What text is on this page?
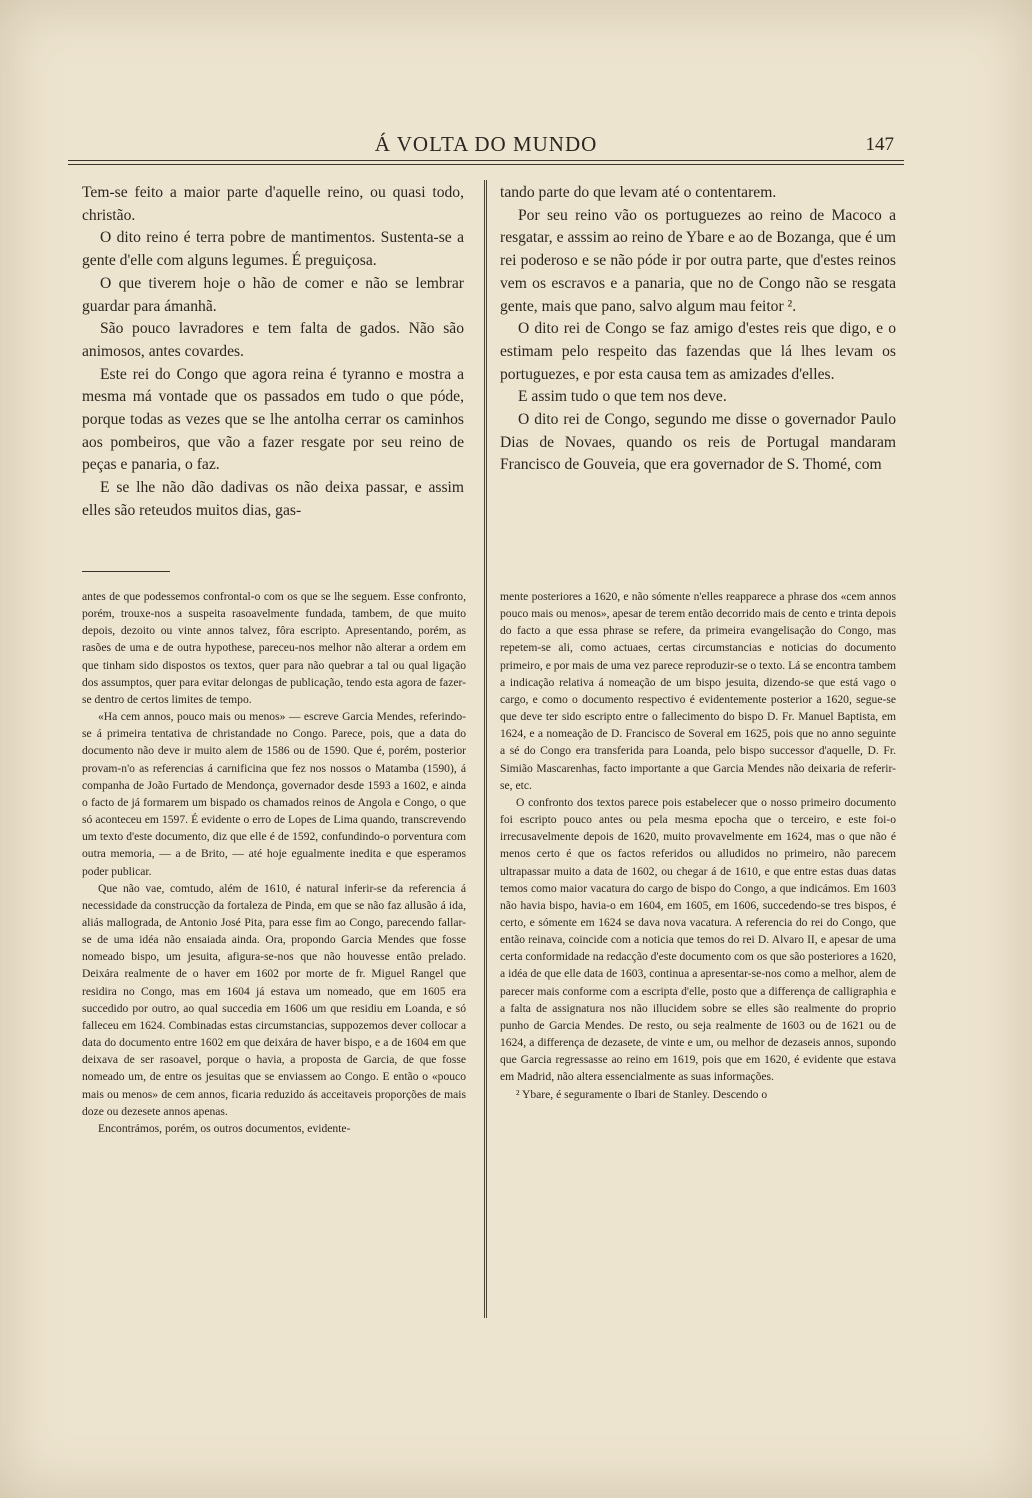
Á VOLTA DO MUNDO	147

Tem-se feito a maior parte d'aquelle reino, ou quasi todo, christão.

O dito reino é terra pobre de mantimentos. Sustenta-se a gente d'elle com alguns legumes. É preguiçosa.

O que tiverem hoje o hão de comer e não se lembrar guardar para ámanhã.

São pouco lavradores e tem falta de gados. Não são animosos, antes covardes.

Este rei do Congo que agora reina é tyranno e mostra a mesma má vontade que os passados em tudo o que póde, porque todas as vezes que se lhe antolha cerrar os caminhos aos pombeiros, que vão a fazer resgate por seu reino de peças e panaria, o faz.

E se lhe não dão dadivas os não deixa passar, e assim elles são reteudos muitos dias, gas-

tando parte do que levam até o contentarem.

Por seu reino vão os portuguezes ao reino de Macoco a resgatar, e asssim ao reino de Ybare e ao de Bozanga, que é um rei poderoso e se não póde ir por outra parte, que d'estes reinos vem os escravos e a panaria, que no de Congo não se resgata gente, mais que pano, salvo algum mau feitor ².

O dito rei de Congo se faz amigo d'estes reis que digo, e o estimam pelo respeito das fazendas que lá lhes levam os portuguezes, e por esta causa tem as amizades d'elles.

E assim tudo o que tem nos deve.

O dito rei de Congo, segundo me disse o governador Paulo Dias de Novaes, quando os reis de Portugal mandaram Francisco de Gouveia, que era governador de S. Thomé, com

antes de que podessemos confrontal-o com os que se lhe seguem. Esse confronto, porém, trouxe-nos a suspeita rasoavelmente fundada, tambem, de que muito depois, dezoito ou vinte annos talvez, fôra escripto. Apresentando, porém, as rasões de uma e de outra hypothese, pareceu-nos melhor não alterar a ordem em que tinham sido dispostos os textos, quer para não quebrar a tal ou qual ligação dos assumptos, quer para evitar delongas de publicação, tendo esta agora de fazer-se dentro de certos limites de tempo.

«Ha cem annos, pouco mais ou menos» — escreve Garcia Mendes, referindo-se á primeira tentativa de christandade no Congo. Parece, pois, que a data do documento não deve ir muito alem de 1586 ou de 1590. Que é, porém, posterior provam-n'o as referencias á carnificina que fez nos nossos o Matamba (1590), á companha de João Furtado de Mendonça, governador desde 1593 a 1602, e ainda o facto de já formarem um bispado os chamados reinos de Angola e Congo, o que só aconteceu em 1597. É evidente o erro de Lopes de Lima quando, transcrevendo um texto d'este documento, diz que elle é de 1592, confundindo-o porventura com outra memoria, — a de Brito, — até hoje egualmente inedita e que esperamos poder publicar.

Que não vae, comtudo, além de 1610, é natural inferir-se da referencia á necessidade da construcção da fortaleza de Pinda, em que se não faz allusão á ida, aliás mallograda, de Antonio José Pita, para esse fim ao Congo, parecendo fallar-se de uma idéa não ensaiada ainda. Ora, propondo Garcia Mendes que fosse nomeado bispo, um jesuita, afigura-se-nos que não houvesse então prelado. Deixára realmente de o haver em 1602 por morte de fr. Miguel Rangel que residira no Congo, mas em 1604 já estava um nomeado, que em 1605 era succedido por outro, ao qual succedia em 1606 um que residiu em Loanda, e só falleceu em 1624. Combinadas estas circumstancias, suppozemos dever collocar a data do documento entre 1602 em que deixára de haver bispo, e a de 1604 em que deixava de ser rasoavel, porque o havia, a proposta de Garcia, de que fosse nomeado um, de entre os jesuitas que se enviassem ao Congo. E então o «pouco mais ou menos» de cem annos, ficaria reduzido ás acceitaveis proporções de mais doze ou dezesete annos apenas.

Encontrámos, porém, os outros documentos, evidente-

mente posteriores a 1620, e não sómente n'elles reapparece a phrase dos «cem annos pouco mais ou menos», apesar de terem então decorrido mais de cento e trinta depois do facto a que essa phrase se refere, da primeira evangelisação do Congo, mas repetem-se ali, como actuaes, certas circumstancias e noticias do documento primeiro, e por mais de uma vez parece reproduzir-se o texto. Lá se encontra tambem a indicação relativa á nomeação de um bispo jesuita, dizendo-se que está vago o cargo, e como o documento respectivo é evidentemente posterior a 1620, segue-se que deve ter sido escripto entre o fallecimento do bispo D. Fr. Manuel Baptista, em 1624, e a nomeação de D. Francisco de Soveral em 1625, pois que no anno seguinte a sé do Congo era transferida para Loanda, pelo bispo successor d'aquelle, D. Fr. Simião Mascarenhas, facto importante a que Garcia Mendes não deixaria de referir-se, etc.

O confronto dos textos parece pois estabelecer que o nosso primeiro documento foi escripto pouco antes ou pela mesma epocha que o terceiro, e este foi-o irrecusavelmente depois de 1620, muito provavelmente em 1624, mas o que não é menos certo é que os factos referidos ou alludidos no primeiro, não parecem ultrapassar muito a data de 1602, ou chegar á de 1610, e que entre estas duas datas temos como maior vacatura do cargo de bispo do Congo, a que indicámos. Em 1603 não havia bispo, havia-o em 1604, em 1605, em 1606, succedendo-se tres bispos, é certo, e sómente em 1624 se dava nova vacatura. A referencia do rei do Congo, que então reinava, coincide com a noticia que temos do rei D. Alvaro II, e apesar de uma certa conformidade na redacção d'este documento com os que são posteriores a 1620, a idéa de que elle data de 1603, continua a apresentar-se-nos como a melhor, alem de parecer mais conforme com a escripta d'elle, posto que a differença de calligraphia e a falta de assignatura nos não illucidem sobre se elles são realmente do proprio punho de Garcia Mendes. De resto, ou seja realmente de 1603 ou de 1621 ou de 1624, a differença de dezasete, de vinte e um, ou melhor de dezaseis annos, supondo que Garcia regressasse ao reino em 1619, pois que em 1620, é evidente que estava em Madrid, não altera essencialmente as suas informações.

² Ybare, é seguramente o Ibari de Stanley. Descendo o
